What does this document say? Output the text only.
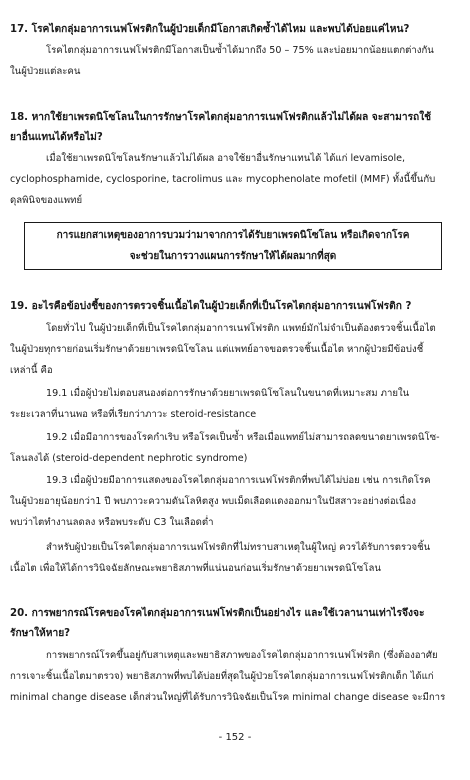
17. โรคไตกลุ่มอาการเนฟโฟรติกในผู้ป่วยเด็กมีโอกาสเกิดซ้ำได้ไหม และพบได้บ่อยแค่ไหน?
โรคไตกลุ่มอาการเนฟโฟรติกมีโอกาสเป็นซ้ำได้มากถึง 50 – 75% และบ่อยมากน้อยแตกต่างกัน
ในผู้ป่วยแต่ละคน
18. หากใช้ยาเพรดนิโซโลนในการรักษาโรคไตกลุ่มอาการเนฟโฟรติกแล้วไม่ได้ผล จะสามารถใช้
ยาอื่นแทนได้หรือไม่?
เมื่อใช้ยาเพรดนิโซโลนรักษาแล้วไม่ได้ผล อาจใช้ยาอื่นรักษาแทนได้ ได้แก่ levamisole,
cyclophosphamide, cyclosporine, tacrolimus และ mycophenolate mofetil (MMF) ทั้งนี้ขึ้นกับ
ดุลพินิจของแพทย์
การแยกสาเหตุของอาการบวมว่ามาจากการได้รับยาเพรดนิโซโลน หรือเกิดจากโรค
จะช่วยในการวางแผนการรักษาให้ได้ผลมากที่สุด
19. อะไรคือข้อบ่งชี้ของการตรวจชิ้นเนื้อไตในผู้ป่วยเด็กที่เป็นโรคไตกลุ่มอาการเนฟโฟรติก ?
โดยทั่วไป ในผู้ป่วยเด็กที่เป็นโรคไตกลุ่มอาการเนฟโฟรติก แพทย์มักไม่จำเป็นต้องตรวจชิ้นเนื้อไต
ในผู้ป่วยทุกรายก่อนเริ่มรักษาด้วยยาเพรดนิโซโลน แต่แพทย์อาจขอตรวจชิ้นเนื้อไต หากผู้ป่วยมีข้อบ่งชี้
เหล่านี้ คือ
19.1 เมื่อผู้ป่วยไม่ตอบสนองต่อการรักษาด้วยยาเพรดนิโซโลนในขนาดที่เหมาะสม ภายใน
ระยะเวลาที่นานพอ หรือที่เรียกว่าภาวะ steroid-resistance
19.2 เมื่อมีอาการของโรคกำเริบ หรือโรคเป็นซ้ำ หรือเมื่อแพทย์ไม่สามารถลดขนาดยาเพรดนิโซ-
โลนลงได้ (steroid-dependent nephrotic syndrome)
19.3 เมื่อผู้ป่วยมีอาการแสดงของโรคไตกลุ่มอาการเนฟโฟรติกที่พบได้ไม่บ่อย เช่น การเกิดโรค
ในผู้ป่วยอายุน้อยกว่า1 ปี พบภาวะความดันโลหิตสูง พบเม็ดเลือดแดงออกมาในปัสสาวะอย่างต่อเนื่อง
พบว่าไตทำงานลดลง หรือพบระดับ C3 ในเลือดต่ำ
สำหรับผู้ป่วยเป็นโรคไตกลุ่มอาการเนฟโฟรติกที่ไม่ทราบสาเหตุในผู้ใหญ่ ควรได้รับการตรวจชิ้น
เนื้อไต เพื่อให้ได้การวินิจฉัยลักษณะพยาธิสภาพที่แน่นอนก่อนเริ่มรักษาด้วยยาเพรดนิโซโลน
20. การพยากรณ์โรคของโรคไตกลุ่มอาการเนฟโฟรติกเป็นอย่างไร และใช้เวลานานเท่าไรจึงจะ
รักษาให้หาย?
การพยากรณ์โรคขึ้นอยู่กับสาเหตุและพยาธิสภาพของโรคไตกลุ่มอาการเนฟโฟรติก (ซึ่งต้องอาศัย
การเจาะชิ้นเนื้อไตมาตรวจ) พยาธิสภาพที่พบได้บ่อยที่สุดในผู้ป่วยโรคไตกลุ่มอาการเนฟโฟรติกเด็ก ได้แก่
minimal change disease เด็กส่วนใหญ่ที่ได้รับการวินิจฉัยเป็นโรค minimal change disease จะมีการ
- 152 -
